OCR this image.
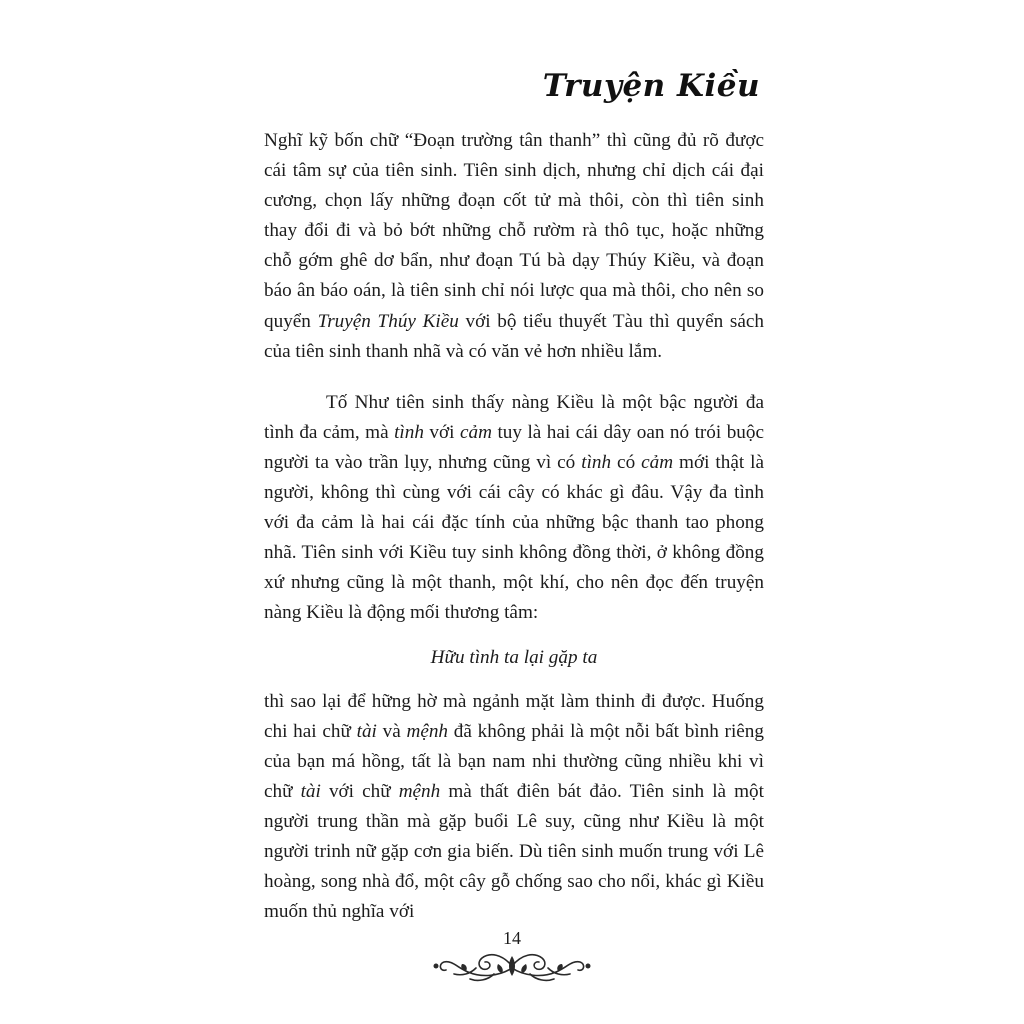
Truyện Kiều

Nghĩ kỹ bốn chữ “Đoạn trường tân thanh” thì cũng đủ rõ được cái tâm sự của tiên sinh. Tiên sinh dịch, nhưng chỉ dịch cái đại cương, chọn lấy những đoạn cốt tử mà thôi, còn thì tiên sinh thay đổi đi và bỏ bớt những chỗ rườm rà thô tục, hoặc những chỗ gớm ghê dơ bẩn, như đoạn Tú bà dạy Thúy Kiều, và đoạn báo ân báo oán, là tiên sinh chỉ nói lược qua mà thôi, cho nên so quyển Truyện Thúy Kiều với bộ tiểu thuyết Tàu thì quyển sách của tiên sinh thanh nhã và có văn vẻ hơn nhiều lắm.

Tố Như tiên sinh thấy nàng Kiều là một bậc người đa tình đa cảm, mà tình với cảm tuy là hai cái dây oan nó trói buộc người ta vào trần lụy, nhưng cũng vì có tình có cảm mới thật là người, không thì cùng với cái cây có khác gì đâu. Vậy đa tình với đa cảm là hai cái đặc tính của những bậc thanh tao phong nhã. Tiên sinh với Kiều tuy sinh không đồng thời, ở không đồng xứ nhưng cũng là một thanh, một khí, cho nên đọc đến truyện nàng Kiều là động mối thương tâm:

Hữu tình ta lại gặp ta

thì sao lại để hững hờ mà ngảnh mặt làm thinh đi được. Huống chi hai chữ tài và mệnh đã không phải là một nỗi bất bình riêng của bạn má hồng, tất là bạn nam nhi thường cũng nhiều khi vì chữ tài với chữ mệnh mà thất điên bát đảo. Tiên sinh là một người trung thần mà gặp buổi Lê suy, cũng như Kiều là một người trinh nữ gặp cơn gia biến. Dù tiên sinh muốn trung với Lê hoàng, song nhà đổ, một cây gỗ chống sao cho nổi, khác gì Kiều muốn thủ nghĩa với

14
